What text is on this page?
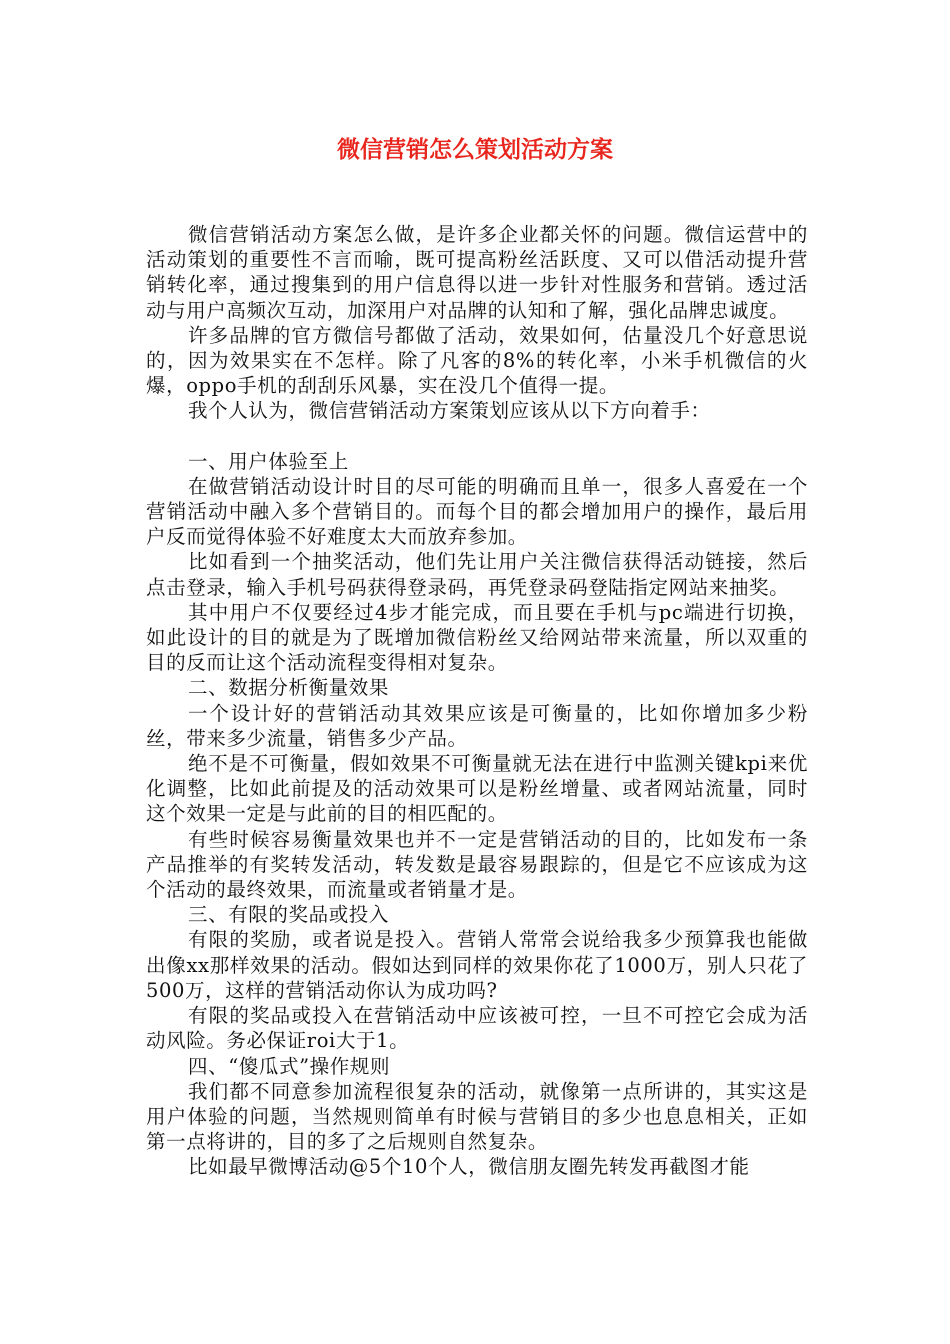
微信营销怎么策划活动方案

微信营销活动方案怎么做，是许多企业都关怀的问题。微信运营中的活动策划的重要性不言而喻，既可提高粉丝活跃度、又可以借活动提升营销转化率，通过搜集到的用户信息得以进一步针对性服务和营销。透过活动与用户高频次互动，加深用户对品牌的认知和了解，强化品牌忠诚度。

许多品牌的官方微信号都做了活动，效果如何，估量没几个好意思说的，因为效果实在不怎样。除了凡客的8%的转化率，小米手机微信的火爆，oppo手机的刮刮乐风暴，实在没几个值得一提。

我个人认为，微信营销活动方案策划应该从以下方向着手：

一、用户体验至上

在做营销活动设计时目的尽可能的明确而且单一，很多人喜爱在一个营销活动中融入多个营销目的。而每个目的都会增加用户的操作，最后用户反而觉得体验不好难度太大而放弃参加。

比如看到一个抽奖活动，他们先让用户关注微信获得活动链接，然后点击登录，输入手机号码获得登录码，再凭登录码登陆指定网站来抽奖。

其中用户不仅要经过4步才能完成，而且要在手机与pc端进行切换，如此设计的目的就是为了既增加微信粉丝又给网站带来流量，所以双重的目的反而让这个活动流程变得相对复杂。

二、数据分析衡量效果

一个设计好的营销活动其效果应该是可衡量的，比如你增加多少粉丝，带来多少流量，销售多少产品。

绝不是不可衡量，假如效果不可衡量就无法在进行中监测关键kpi来优化调整，比如此前提及的活动效果可以是粉丝增量、或者网站流量，同时这个效果一定是与此前的目的相匹配的。

有些时候容易衡量效果也并不一定是营销活动的目的，比如发布一条产品推举的有奖转发活动，转发数是最容易跟踪的，但是它不应该成为这个活动的最终效果，而流量或者销量才是。

三、有限的奖品或投入

有限的奖励，或者说是投入。营销人常常会说给我多少预算我也能做出像xx那样效果的活动。假如达到同样的效果你花了1000万，别人只花了500万，这样的营销活动你认为成功吗?

有限的奖品或投入在营销活动中应该被可控，一旦不可控它会成为活动风险。务必保证roi大于1。

四、“傻瓜式”操作规则

我们都不同意参加流程很复杂的活动，就像第一点所讲的，其实这是用户体验的问题，当然规则简单有时候与营销目的多少也息息相关，正如第一点将讲的，目的多了之后规则自然复杂。

比如最早微博活动@5个10个人，微信朋友圈先转发再截图才能
